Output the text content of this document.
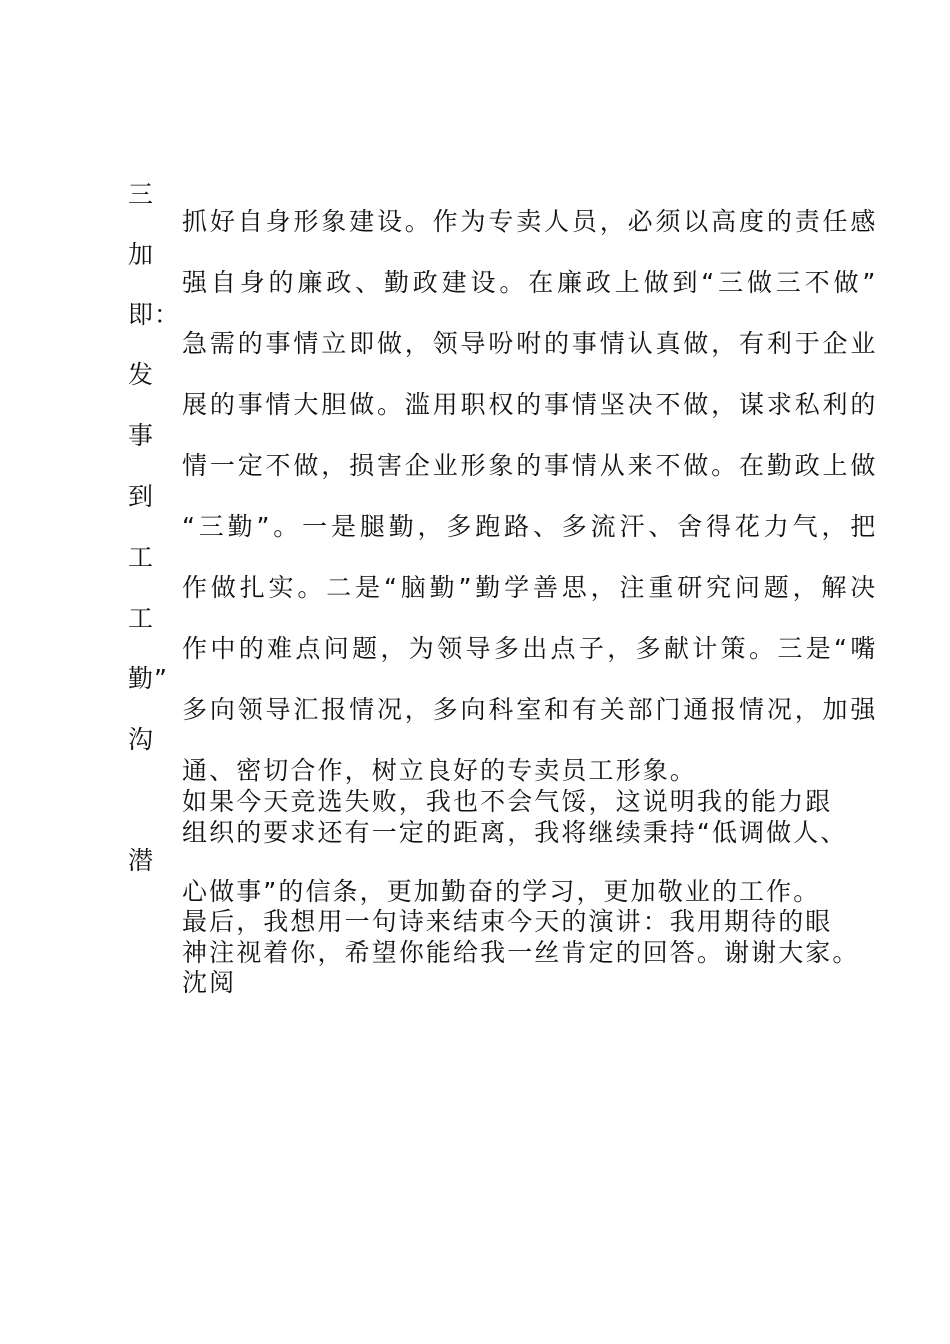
三
加
即：
发
事
到
工
工
勤”
沟
潜
抓好自身形象建设。作为专卖人员，必须以高度的责任感
强自身的廉政、勤政建设。在廉政上做到“三做三不做”
急需的事情立即做，领导吩咐的事情认真做，有利于企业
展的事情大胆做。滥用职权的事情坚决不做，谋求私利的
情一定不做，损害企业形象的事情从来不做。在勤政上做
“三勤”。一是腿勤，多跑路、多流汗、舍得花力气，把
作做扎实。二是“脑勤”勤学善思，注重研究问题，解决
作中的难点问题，为领导多出点子，多献计策。三是“嘴
多向领导汇报情况，多向科室和有关部门通报情况，加强
通、密切合作，树立良好的专卖员工形象。
如果今天竞选失败，我也不会气馁，这说明我的能力跟
组织的要求还有一定的距离，我将继续秉持“低调做人、
心做事”的信条，更加勤奋的学习，更加敬业的工作。
最后，我想用一句诗来结束今天的演讲：我用期待的眼
神注视着你，希望你能给我一丝肯定的回答。谢谢大家。
沈阅
